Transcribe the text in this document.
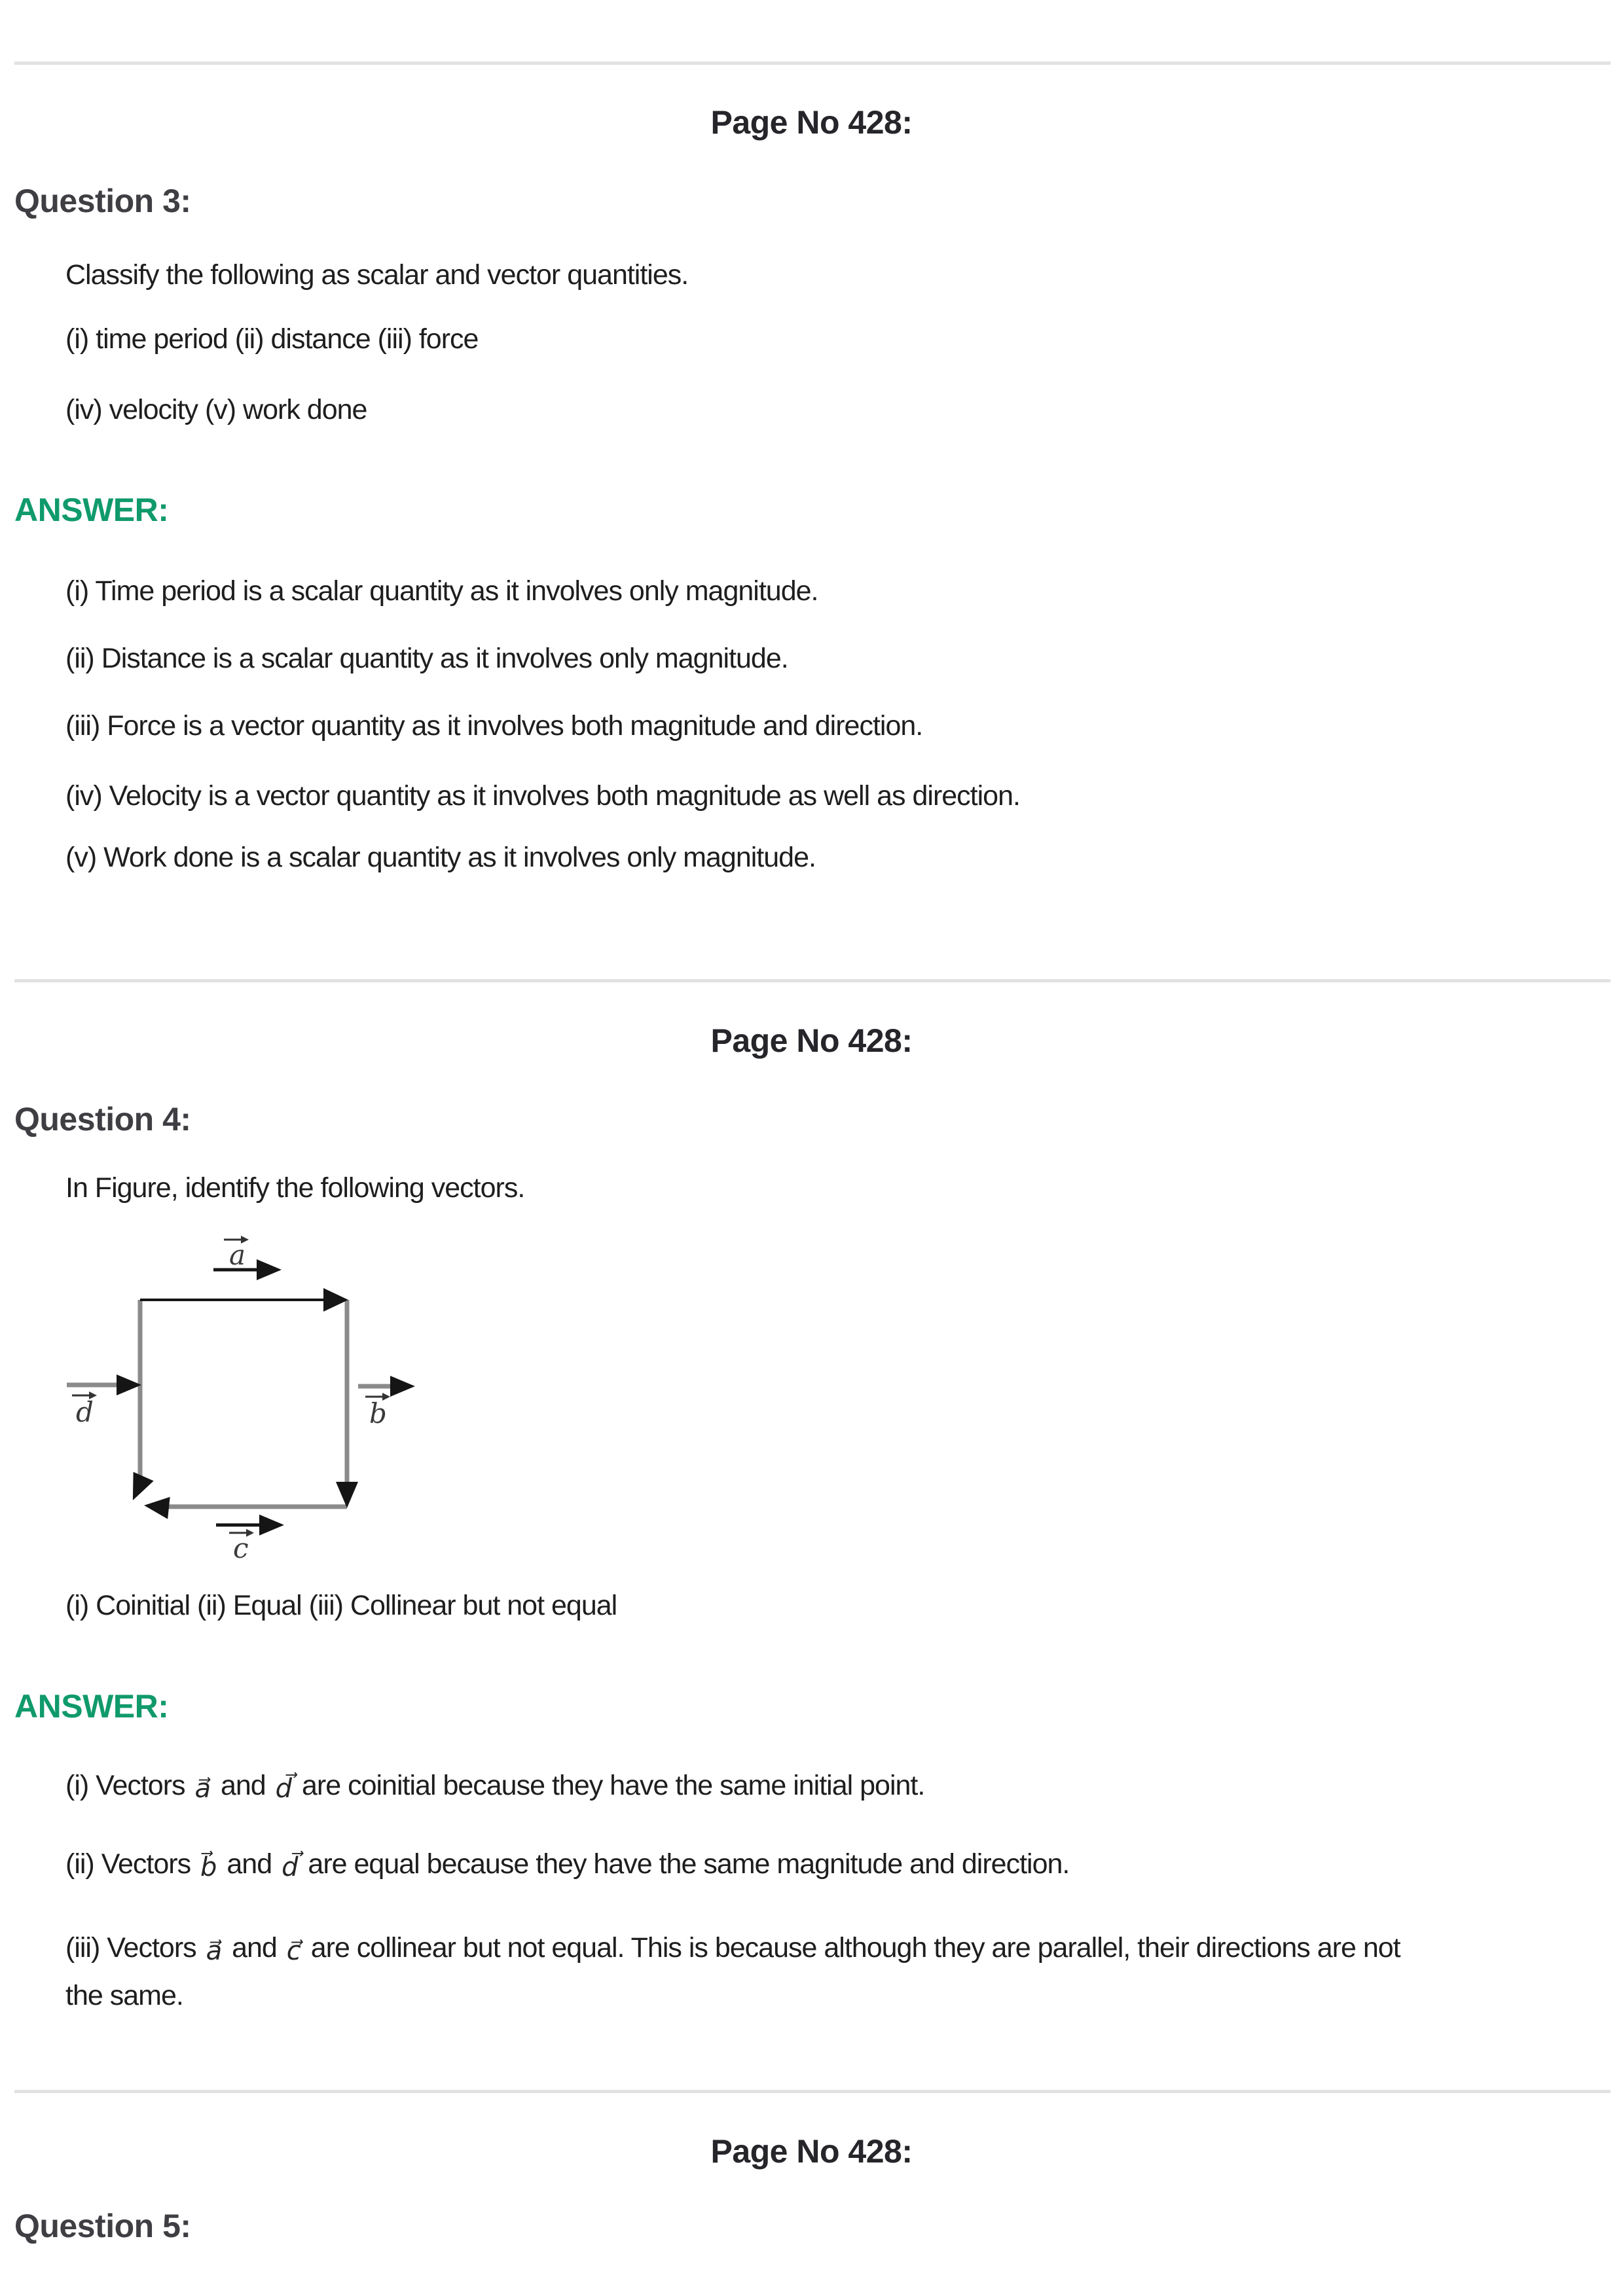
Page No 428:
Question 3:

Classify the following as scalar and vector quantities.

(i) time period (ii) distance (iii) force

(iv) velocity (v) work done

ANSWER:

(i) Time period is a scalar quantity as it involves only magnitude.

(ii) Distance is a scalar quantity as it involves only magnitude.

(iii) Force is a vector quantity as it involves both magnitude and direction.

(iv) Velocity is a vector quantity as it involves both magnitude as well as direction.

(v) Work done is a scalar quantity as it involves only magnitude.

Page No 428:
Question 4:

In Figure, identify the following vectors.

a
d	b
c

(i) Coinitial (ii) Equal (iii) Collinear but not equal

ANSWER:

(i) Vectors a⃗ and d⃗ are coinitial because they have the same initial point.

(ii) Vectors b⃗ and d⃗ are equal because they have the same magnitude and direction.

(iii) Vectors a⃗ and c⃗ are collinear but not equal. This is because although they are parallel, their directions are not
the same.

Page No 428:
Question 5:
